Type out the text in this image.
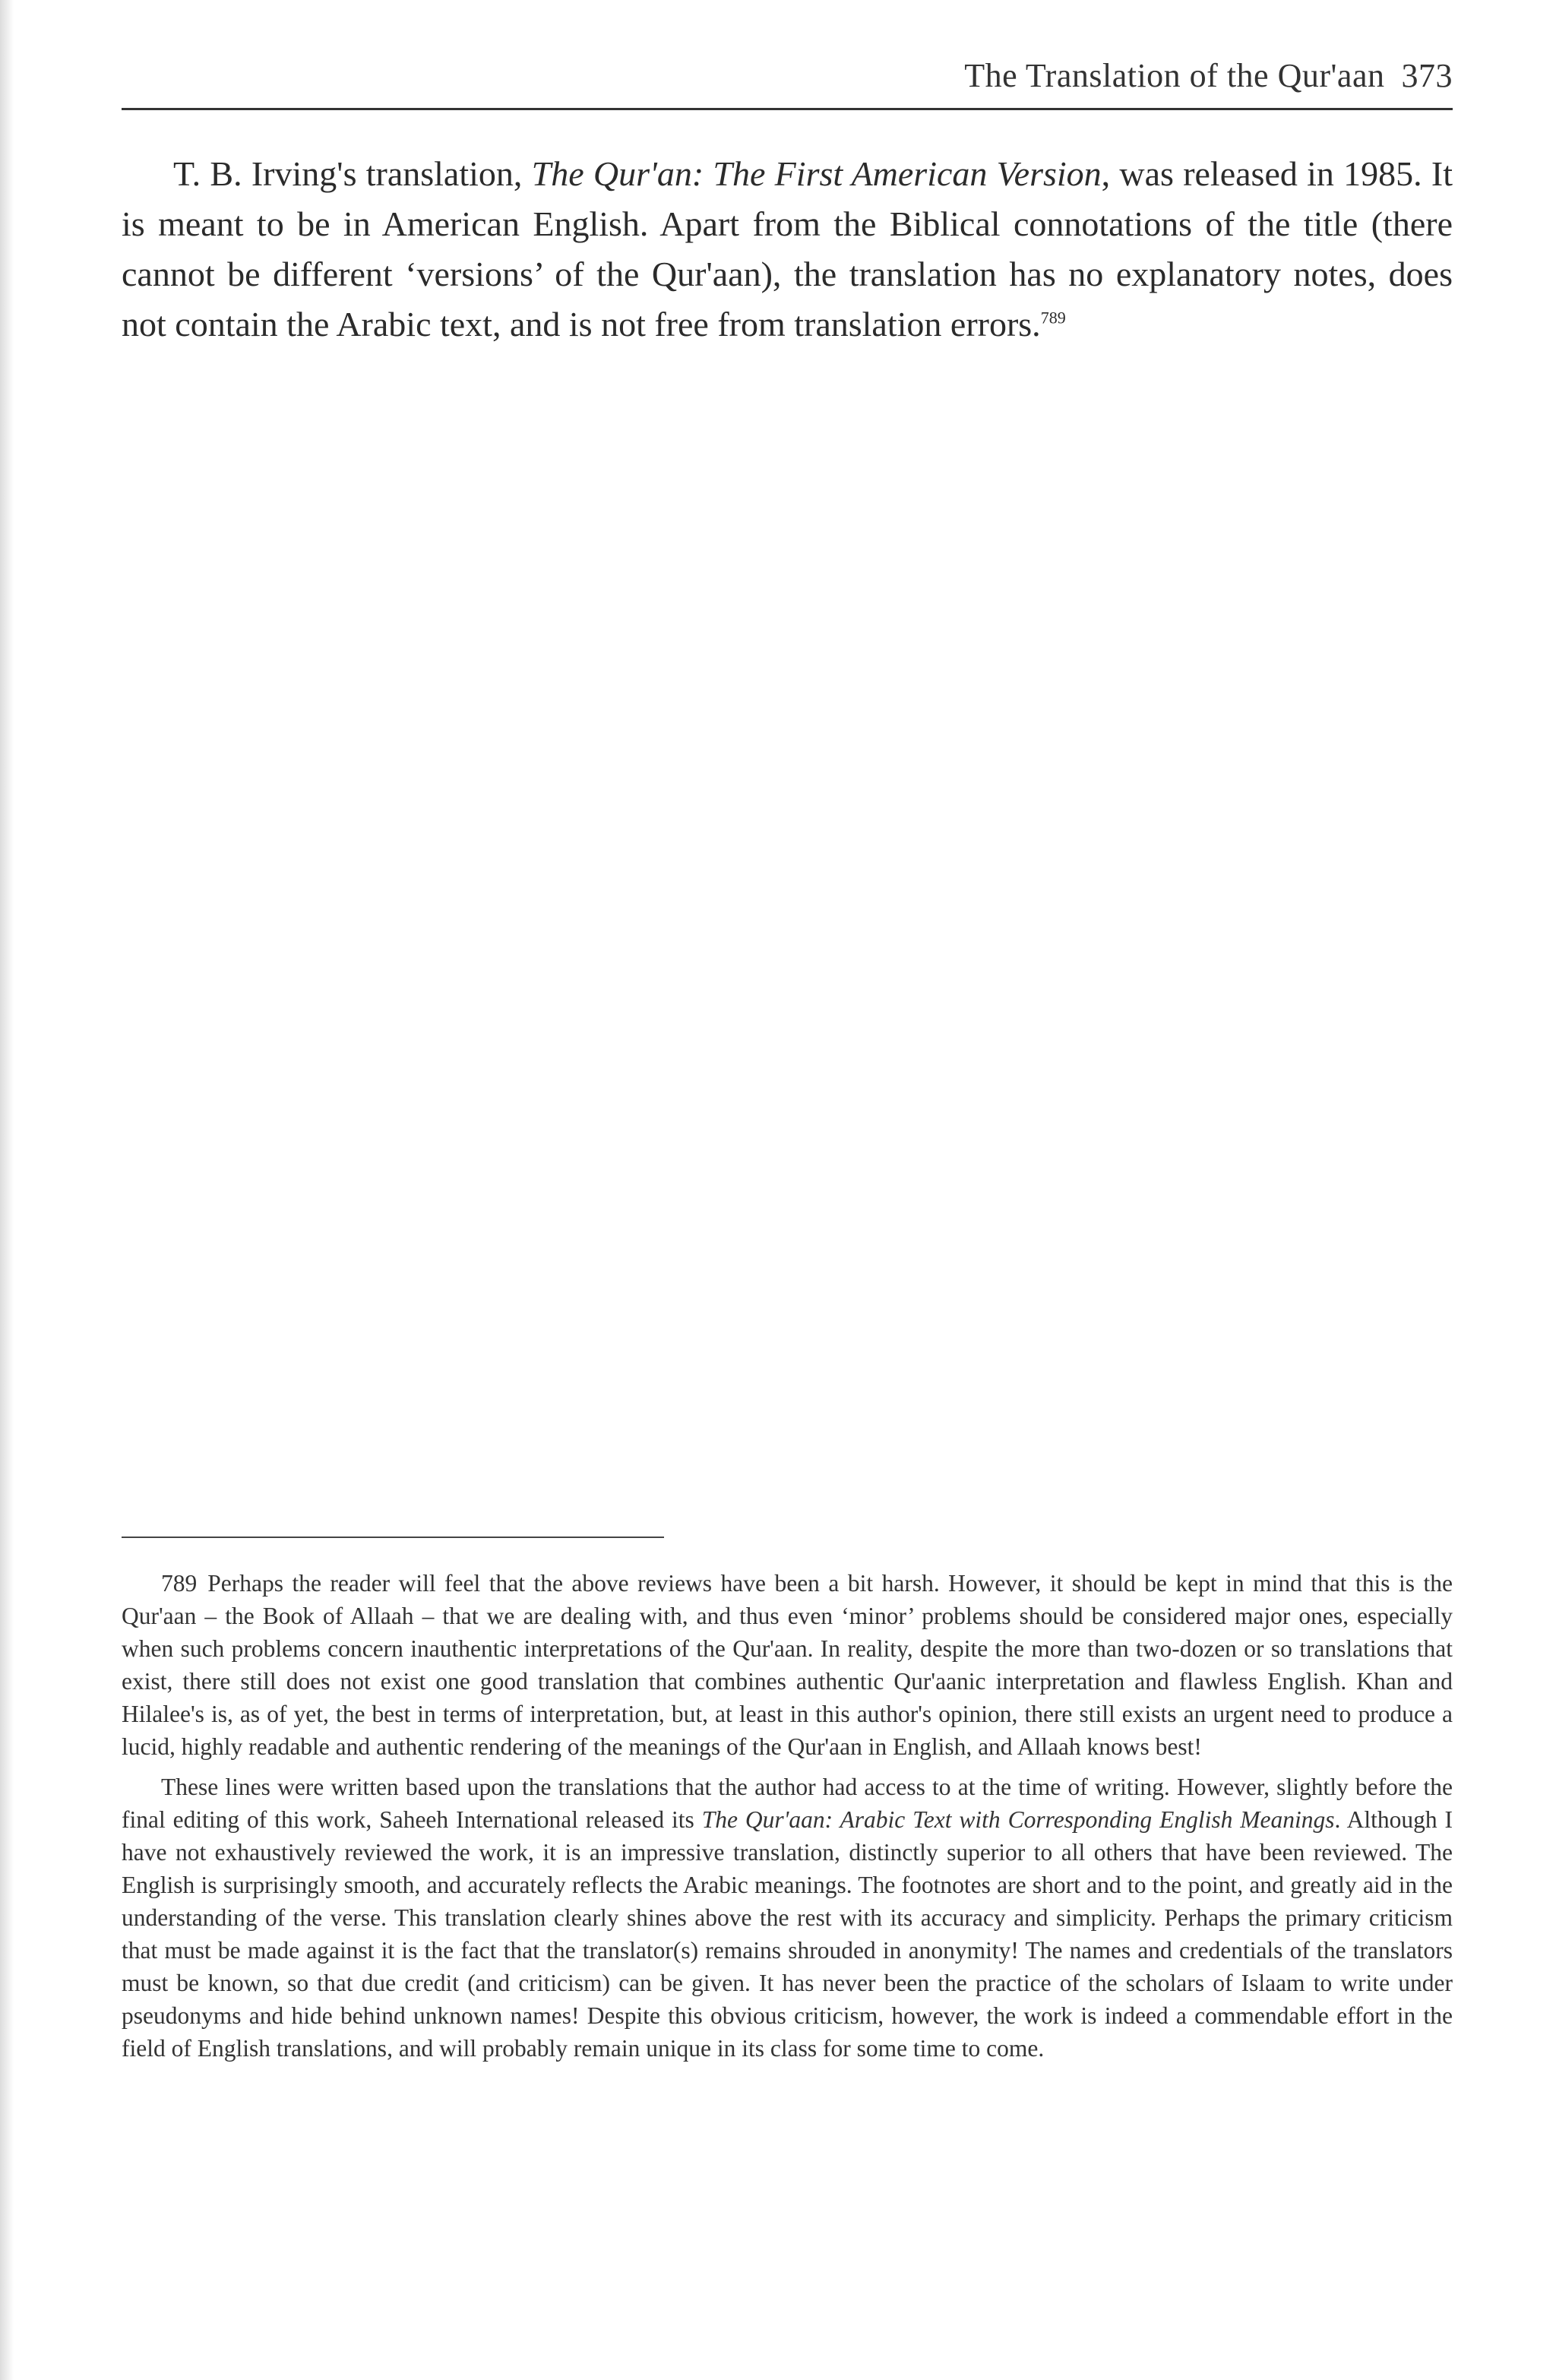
The Translation of the Qur'aan 373

T. B. Irving's translation, The Qur'an: The First American Version, was released in 1985. It is meant to be in American English. Apart from the Biblical connotations of the title (there cannot be different ‘versions’ of the Qur'aan), the translation has no explanatory notes, does not contain the Arabic text, and is not free from translation errors.$^{789}$

789 Perhaps the reader will feel that the above reviews have been a bit harsh. However, it should be kept in mind that this is the Qur'aan – the Book of Allaah – that we are dealing with, and thus even ‘minor’ problems should be considered major ones, especially when such problems concern inauthentic interpretations of the Qur'aan. In reality, despite the more than two-dozen or so translations that exist, there still does not exist one good translation that combines authentic Qur'aanic interpretation and flawless English. Khan and Hilalee's is, as of yet, the best in terms of interpretation, but, at least in this author's opinion, there still exists an urgent need to produce a lucid, highly readable and authentic rendering of the meanings of the Qur'aan in English, and Allaah knows best!

These lines were written based upon the translations that the author had access to at the time of writing. However, slightly before the final editing of this work, Saheeh International released its The Qur'aan: Arabic Text with Corresponding English Meanings. Although I have not exhaustively reviewed the work, it is an impressive translation, distinctly superior to all others that have been reviewed. The English is surprisingly smooth, and accurately reflects the Arabic meanings. The footnotes are short and to the point, and greatly aid in the understanding of the verse. This translation clearly shines above the rest with its accuracy and simplicity. Perhaps the primary criticism that must be made against it is the fact that the translator(s) remains shrouded in anonymity! The names and credentials of the translators must be known, so that due credit (and criticism) can be given. It has never been the practice of the scholars of Islaam to write under pseudonyms and hide behind unknown names! Despite this obvious criticism, however, the work is indeed a commendable effort in the field of English translations, and will probably remain unique in its class for some time to come.
